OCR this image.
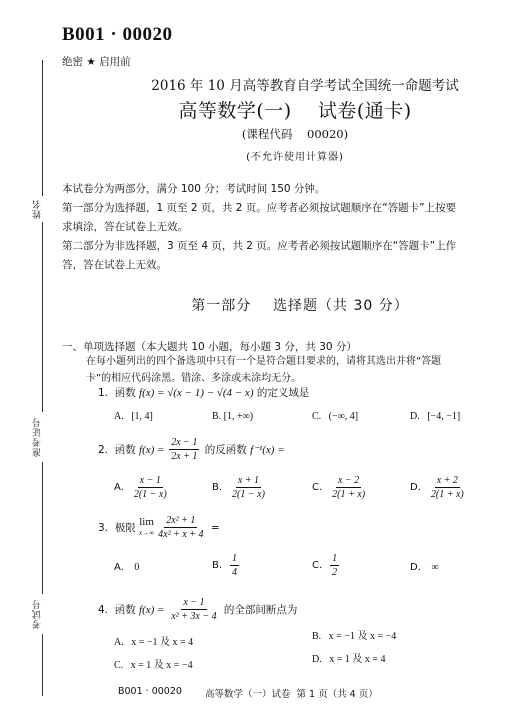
姓名
准考证号
考试号
B001 · 00020
绝密 ★ 启用前
2016 年 10 月高等教育自学考试全国统一命题考试
高等数学(一)    试卷(通卡)
(课程代码    00020)
(不允许使用计算器)
本试卷分为两部分，满分 100 分；考试时间 150 分钟。
第一部分为选择题，1 页至 2 页，共 2 页。应考者必须按试题顺序在“答题卡”上按要
求填涂，答在试卷上无效。
第二部分为非选择题，3 页至 4 页，共 2 页。应考者必须按试题顺序在“答题卡”上作
答，答在试卷上无效。
第一部分    选择题（共 30 分）
一、单项选择题（本大题共 10 小题，每小题 3 分，共 30 分）
在每小题列出的四个备选项中只有一个是符合题目要求的，请将其选出并将“答题
卡”的相应代码涂黑。错涂、多涂或未涂均无分。
1.  函数 f(x) = √(x − 1) − √(4 − x) 的定义域是
A.   [1, 4]	B. [1, +∞)	C.   (−∞, 4]	D.   [−4, −1]
2.  函数 $f(x) = \frac{2x - 1}{2x + 1}$ 的反函数 f⁻¹(x) =
A. $\frac{x - 1}{2(1 - x)}$	B. $\frac{x + 1}{2(1 - x)}$	C. $\frac{x - 2}{2(1 + x)}$	D. $\frac{x + 2}{2(1 + x)}$
3.  极限
lim
$x\to\infty \frac{\text{2x² + 1}}{\text{4x² + x + 4}}$ =
A. 0	B. $\frac{1}{4}$	C. $\frac{1}{2}$	D. ∞
4.  函数 $f(x) = \frac{x - 1}{\text{x² + 3x − 4}}$ 的全部间断点为
A.   x = −1 及 x = 4
B.   x = −1 及 x = −4
C.   x = 1 及 x = −4
D.   x = 1 及 x = 4
B001 · 00020 高等数学（一）试卷  第 1 页（共 4 页）
